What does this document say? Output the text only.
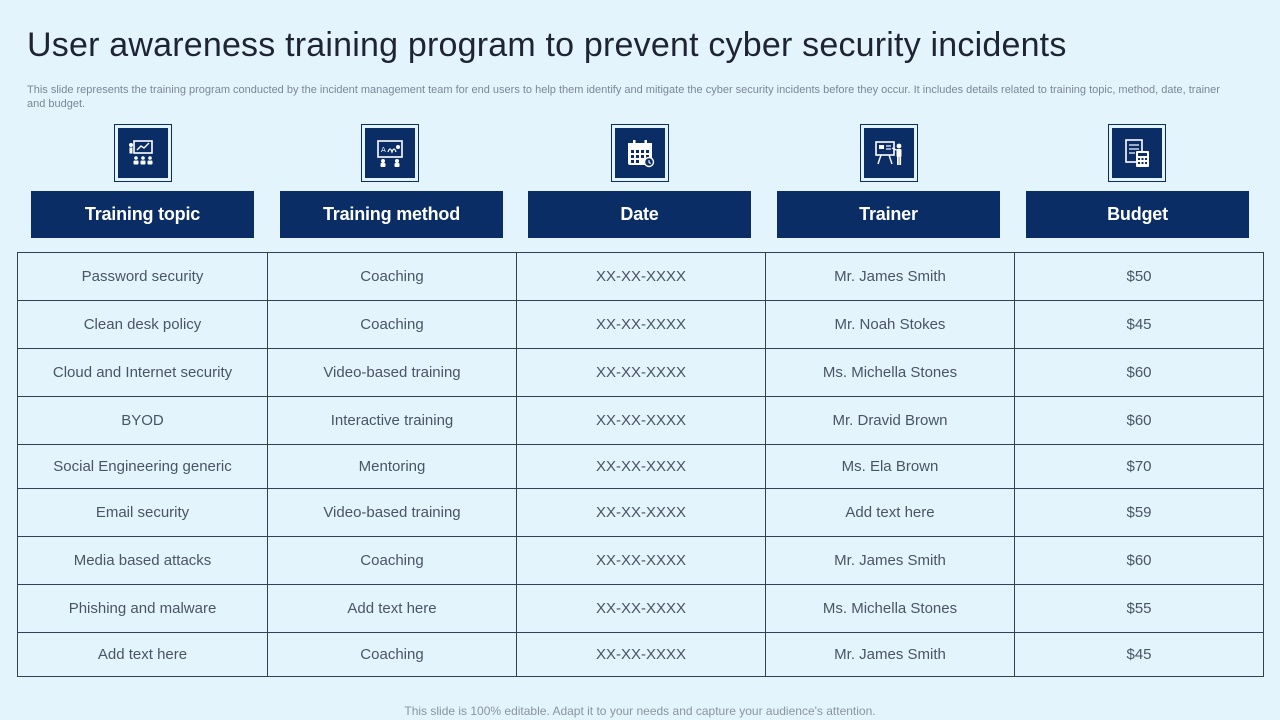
User awareness training program to prevent cyber security incidents
This slide represents the training program conducted by the incident management team for end users to help them identify and mitigate the cyber security incidents before they occur. It includes details related to training topic, method, date, trainer and budget.
A
Training topic	Training method	Date	Trainer	Budget
Password security	Coaching	XX-XX-XXXX	Mr. James Smith	$50
Clean desk policy	Coaching	XX-XX-XXXX	Mr. Noah Stokes	$45
Cloud and Internet security	Video-based training	XX-XX-XXXX	Ms. Michella Stones	$60
BYOD	Interactive training	XX-XX-XXXX	Mr. Dravid Brown	$60
Social Engineering generic	Mentoring	XX-XX-XXXX	Ms. Ela Brown	$70
Email security	Video-based training	XX-XX-XXXX	Add text here	$59
Media based attacks	Coaching	XX-XX-XXXX	Mr. James Smith	$60
Phishing and malware	Add text here	XX-XX-XXXX	Ms. Michella Stones	$55
Add text here	Coaching	XX-XX-XXXX	Mr. James Smith	$45
This slide is 100% editable. Adapt it to your needs and capture your audience's attention.
